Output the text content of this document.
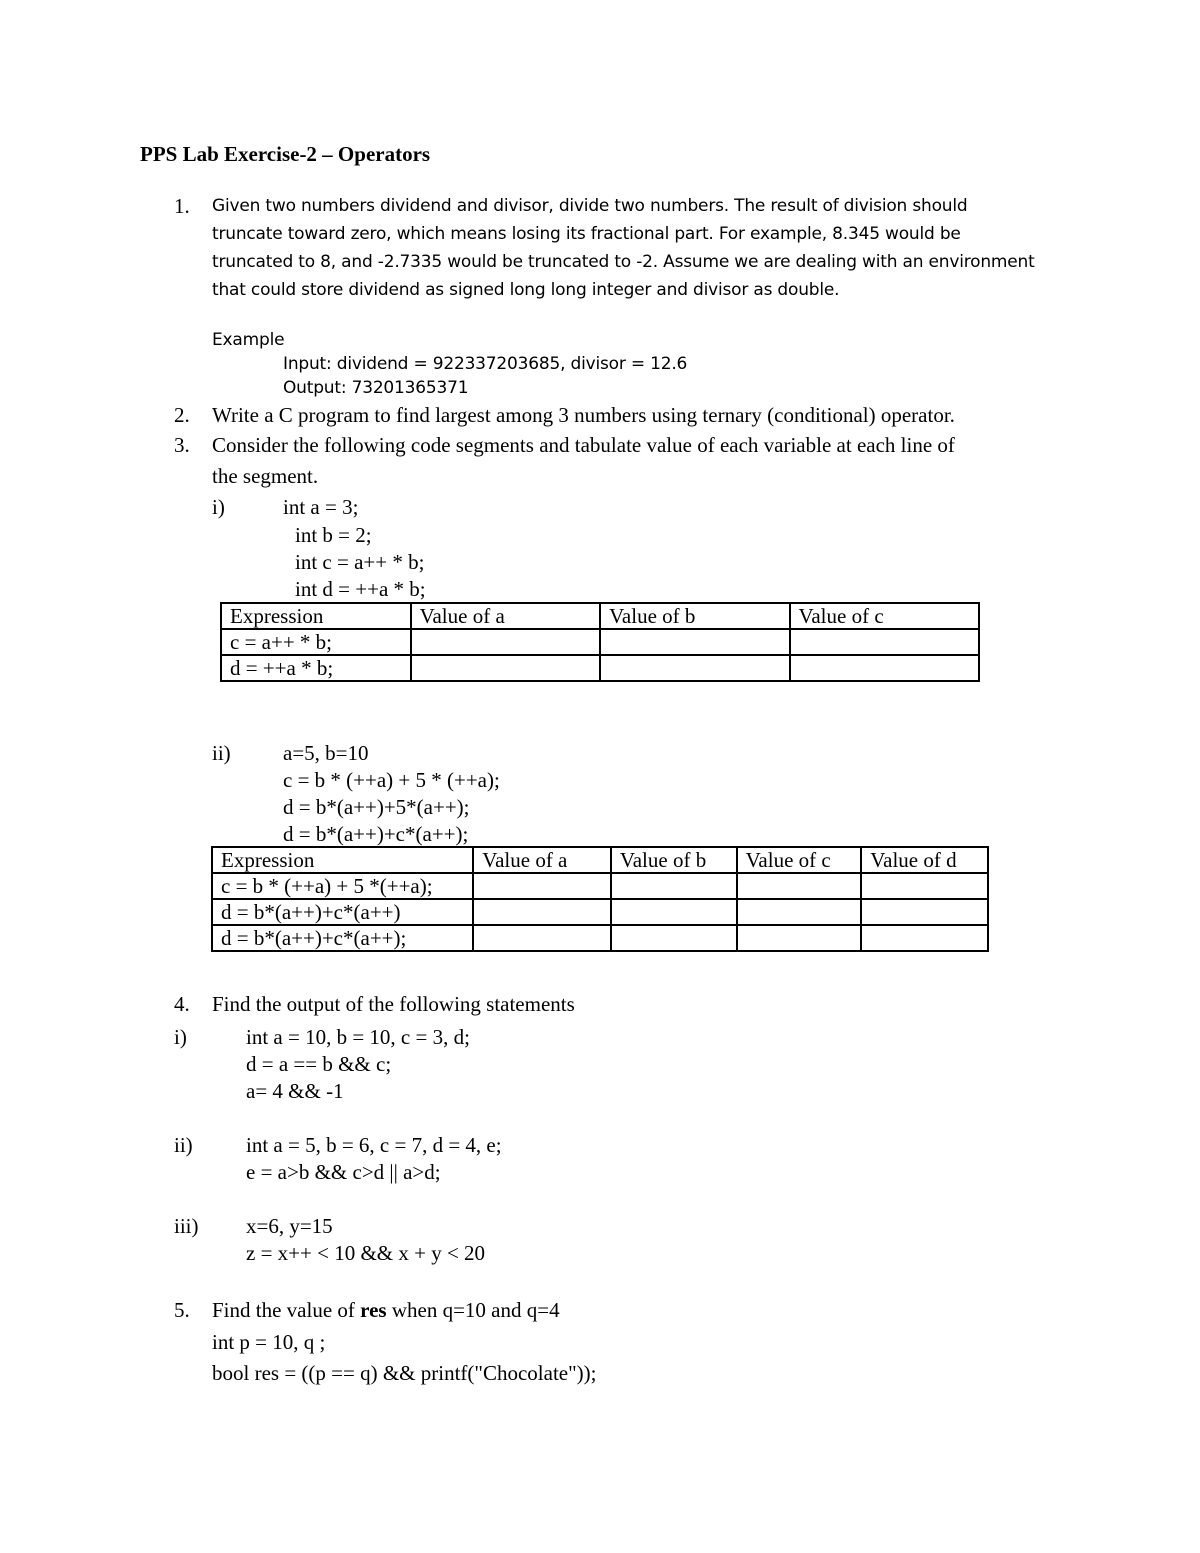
PPS Lab Exercise-2 – Operators
1. Given two numbers dividend and divisor, divide two numbers. The result of division should
truncate toward zero, which means losing its fractional part. For example, 8.345 would be
truncated to 8, and -2.7335 would be truncated to -2. Assume we are dealing with an environment
that could store dividend as signed long long integer and divisor as double.
Example
Input: dividend = 922337203685, divisor = 12.6
Output: 73201365371
2. Write a C program to find largest among 3 numbers using ternary (conditional) operator.
3. Consider the following code segments and tabulate value of each variable at each line of
the segment.
i)	int a = 3;
int b = 2;
int c = a++ * b;
int d = ++a * b;
Expression	Value of a	Value of b	Value of c
c = a++ * b;			
d = ++a * b;			
ii) a=5, b=10
c = b * (++a) + 5 * (++a);
d = b*(a++)+5*(a++);
d = b*(a++)+c*(a++);
Expression	Value of a	Value of b	Value of c	Value of d
c = b * (++a) + 5 *(++a);				
d = b*(a++)+c*(a++)				
d = b*(a++)+c*(a++);				
4. Find the output of the following statements
i)	int a = 10, b = 10, c = 3, d;
d = a == b && c;
a= 4 && -1
ii)	int a = 5, b = 6, c = 7, d = 4, e;
e = a>b && c>d || a>d;
iii) x=6, y=15
z = x++ < 10 && x + y < 20
5. Find the value of res when q=10 and q=4
int p = 10, q ;
bool res = ((p == q) && printf("Chocolate"));
